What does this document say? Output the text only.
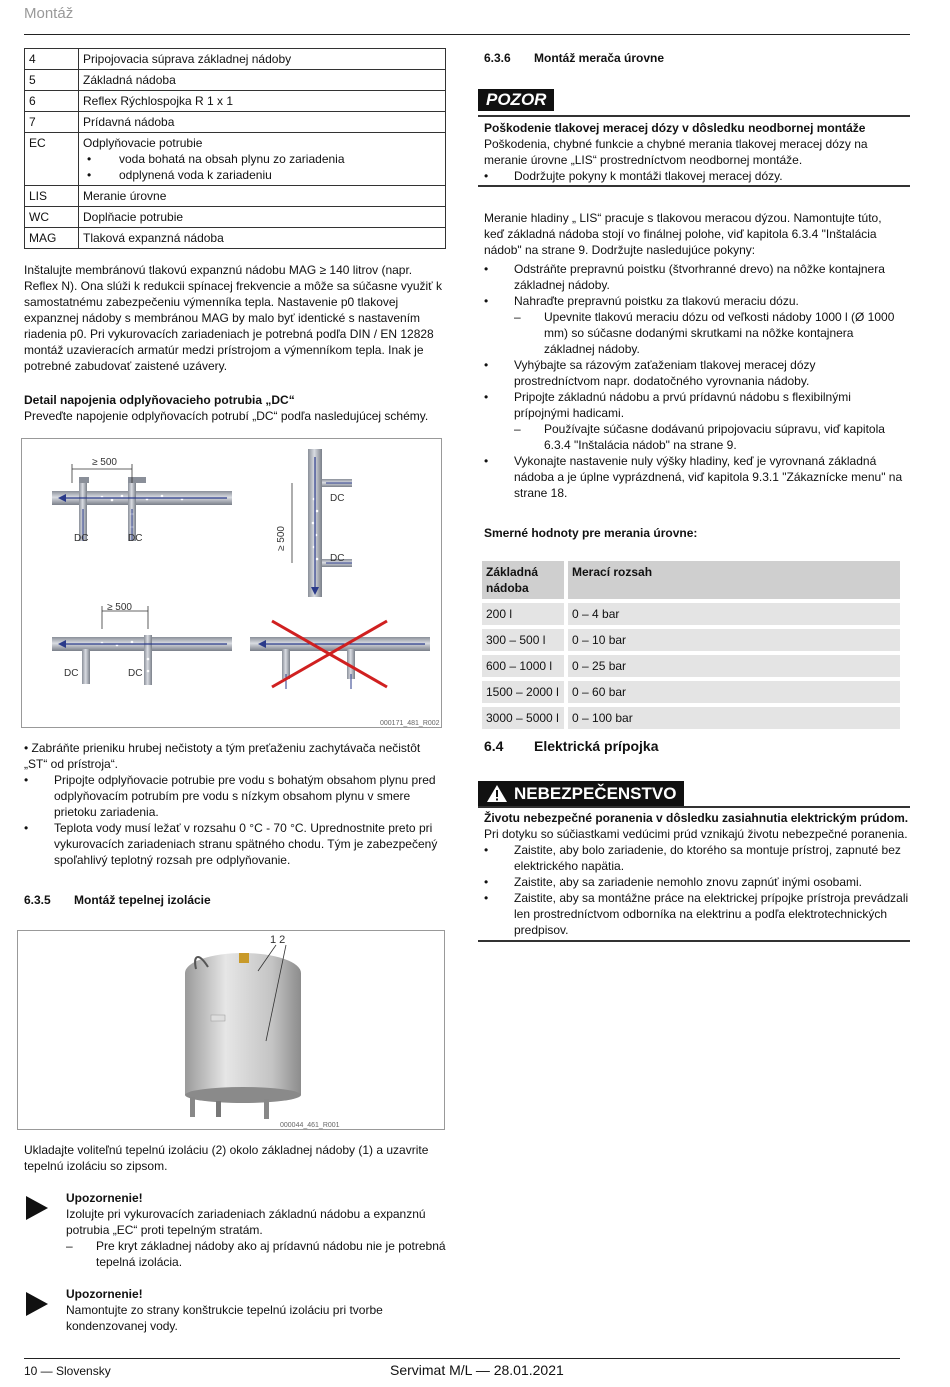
Montáž
4	Pripojovacia súprava základnej nádoby
5	Základná nádoba
6	Reflex Rýchlospojka R 1 x 1
7	Prídavná nádoba
EC	Odplyňovacie potrubie
• voda bohatá na obsah plynu zo zariadenia
• odplynená voda k zariadeniu

LIS	Meranie úrovne
WC	Doplňacie potrubie
MAG	Tlaková expanzná nádoba
Inštalujte membránovú tlakovú expanznú nádobu MAG ≥ 140 litrov (napr. Reflex N). Ona slúži k redukcii spínacej frekvencie a môže sa súčasne využiť k samostatnému zabezpečeniu výmenníka tepla. Nastavenie p0 tlakovej expanznej nádoby s membránou MAG by malo byť identické s nastavením riadenia p0. Pri vykurovacích zariadeniach je potrebná podľa DIN / EN 12828 montáž uzavieracích armatúr medzi prístrojom a výmenníkom tepla. Inak je potrebné zabudovať zaistené uzávery.
Detail napojenia odplyňovacieho potrubia „DC“
Preveďte napojenie odplyňovacích potrubí „DC“ podľa nasledujúcej schémy.
≥ 500
DC	DC	≥ 500
DC
DC
≥ 500
DC	DC
000171_481_R002
• Zabráňte prieniku hrubej nečistoty a tým preťaženiu zachytávača nečistôt „ST“ od prístroja“.
•	Pripojte odplyňovacie potrubie pre vodu s bohatým obsahom plynu pred odplyňovacím potrubím pre vodu s nízkym obsahom plynu v smere prietoku zariadenia.
•	Teplota vody musí ležať v rozsahu 0 °C - 70 °C. Uprednostnite preto pri vykurovacích zariadeniach stranu spätného chodu. Tým je zabezpečený spoľahlivý teplotný rozsah pre odplyňovanie.
6.3.5 Montáž tepelnej izolácie
1 2
000044_461_R001
Ukladajte voliteľnú tepelnú izoláciu (2) okolo základnej nádoby (1) a uzavrite tepelnú izoláciu so zipsom.
Upozornenie!
Izolujte pri vykurovacích zariadeniach základnú nádobu a expanznú potrubia „EC“ proti tepelným stratám.
–	Pre kryt základnej nádoby ako aj prídavnú nádobu nie je potrebná tepelná izolácia.
Upozornenie!
Namontujte zo strany konštrukcie tepelnú izoláciu pri tvorbe kondenzovanej vody.
6.3.6 Montáž merača úrovne
POZOR
Poškodenie tlakovej meracej dózy v dôsledku neodbornej montáže
Poškodenia, chybné funkcie a chybné merania tlakovej meracej dózy na meranie úrovne „LIS“ prostredníctvom neodbornej montáže.
•	Dodržujte pokyny k montáži tlakovej meracej dózy.
Meranie hladiny „ LIS“ pracuje s tlakovou meracou dýzou. Namontujte túto, keď základná nádoba stojí vo finálnej polohe, viď kapitola 6.3.4 "Inštalácia nádob" na strane 9. Dodržujte nasledujúce pokyny:
•	Odstráňte prepravnú poistku (štvorhranné drevo) na nôžke kontajnera základnej nádoby.
•	Nahraďte prepravnú poistku za tlakovú meraciu dózu.
–	Upevnite tlakovú meraciu dózu od veľkosti nádoby 1000 l (Ø 1000 mm) so súčasne dodanými skrutkami na nôžke kontajnera základnej nádoby.
•	Vyhýbajte sa rázovým zaťaženiam tlakovej meracej dózy prostredníctvom napr. dodatočného vyrovnania nádoby.
•	Pripojte základnú nádobu a prvú prídavnú nádobu s flexibilnými prípojnými hadicami.
–	Používajte súčasne dodávanú pripojovaciu súpravu, viď kapitola 6.3.4 "Inštalácia nádob" na strane 9.
•	Vykonajte nastavenie nuly výšky hladiny, keď je vyrovnaná základná nádoba a je úplne vyprázdnená, viď kapitola 9.3.1 "Zákaznícke menu" na strane 18.
Smerné hodnoty pre merania úrovne:
Základná nádoba	Merací rozsah
200 l	0 – 4 bar
300 – 500 l	0 – 10 bar
600 – 1000 l	0 – 25 bar
1500 – 2000 l	0 – 60 bar
3000 – 5000 l	0 – 100 bar
6.4 Elektrická prípojka
NEBEZPEČENSTVO
Životu nebezpečné poranenia v dôsledku zasiahnutia elektrickým prúdom.
Pri dotyku so súčiastkami vedúcimi prúd vznikajú životu nebezpečné poranenia.
•	Zaistite, aby bolo zariadenie, do ktorého sa montuje prístroj, zapnuté bez elektrického napätia.
•	Zaistite, aby sa zariadenie nemohlo znovu zapnúť inými osobami.
•	Zaistite, aby sa montážne práce na elektrickej prípojke prístroja prevádzali len prostredníctvom odborníka na elektrinu a podľa elektrotechnických predpisov.
10 — Slovensky	Servimat M/L — 28.01.2021
